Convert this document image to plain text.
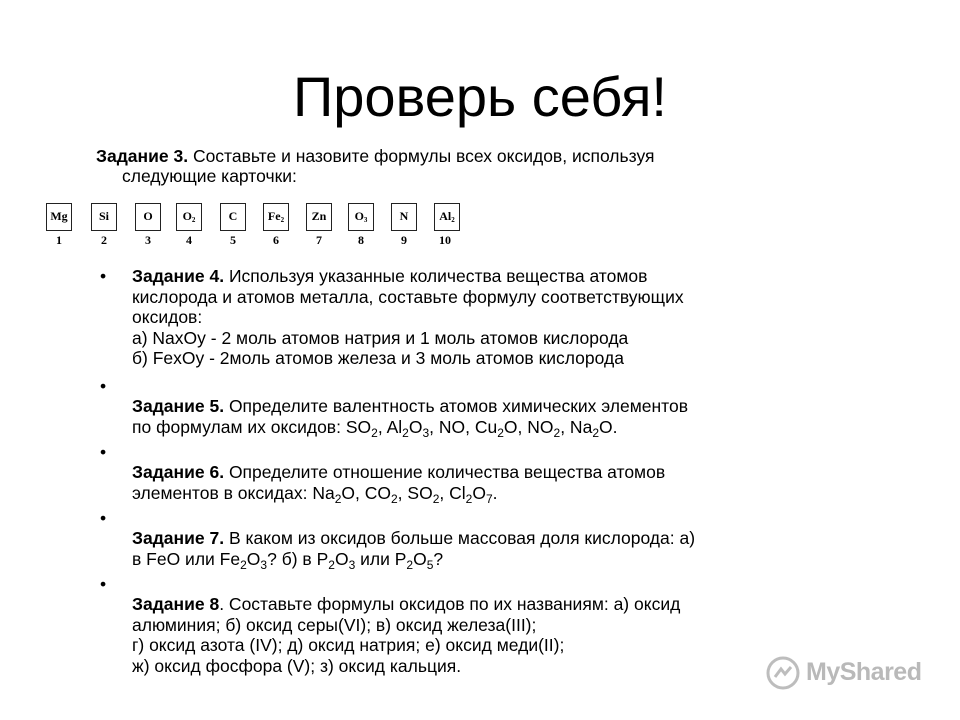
Проверь себя!
Задание 3. Составьте и назовите формулы всех оксидов, используя
следующие карточки:
Mg
1
Si
2
O
3
$O_2$
4
C
5
$Fe_2$
6
Zn
7
$O_3$
8
N
9
$Al_2$
10
• Задание 4. Используя указанные количества вещества атомов
кислорода и атомов металла, составьте формулу соответствующих
оксидов:
а) NaxOy - 2 моль атомов натрия и 1 моль атомов кислорода
б) FexOy - 2моль атомов железа и 3 моль атомов кислорода
•
Задание 5. Определите валентность атомов химических элементов
по формулам их оксидов: $SO_2$, $Al_2O_3$, NO, $Cu_2O$, $NO_2$, $Na_2O$.
•
Задание 6. Определите отношение количества вещества атомов
элементов в оксидах: $Na_2O$, $CO_2$, $SO_2$, $Cl_2O_7$.
•
Задание 7. В каком из оксидов больше массовая доля кислорода: а)
в FeO или $Fe_2O_3$? б) в $P_2O_3$ или $P_2O_5$?
•
Задание 8. Составьте формулы оксидов по их названиям: а) оксид
алюминия; б) оксид серы(VI); в) оксид железа(III);
г) оксид азота (IV); д) оксид натрия; е) оксид меди(II);
ж) оксид фосфора (V); з) оксид кальция.	MyShared
